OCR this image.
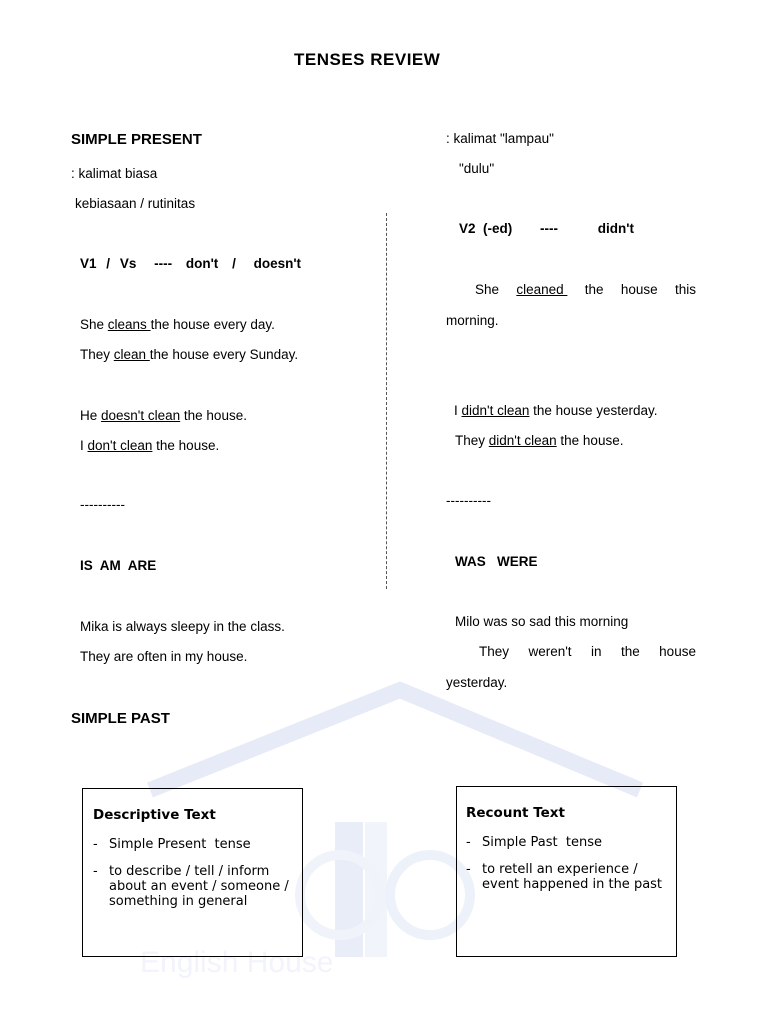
English House
TENSES REVIEW
SIMPLE PRESENT
: kalimat biasa
kebiasaan / rutinitas
V1 / Vs ---- don't / doesn't
She cleans the house every day.
They clean the house every Sunday.
He doesn't clean the house.
I don't clean the house.
----------
IS  AM  ARE
Mika is always sleepy in the class.
They are often in my house.
SIMPLE PAST
: kalimat "lampau"
"dulu"
V2  (-ed) ----	didn't
She cleaned the house this
morning.
I didn't clean the house yesterday.
They didn't clean the house.
----------
WAS   WERE
Milo was so sad this morning
They weren't in the house
yesterday.
Descriptive Text
- Simple Present  tense
- to describe / tell / inform about an event / someone / something in general
Recount Text
- Simple Past  tense
- to retell an experience / event happened in the past
